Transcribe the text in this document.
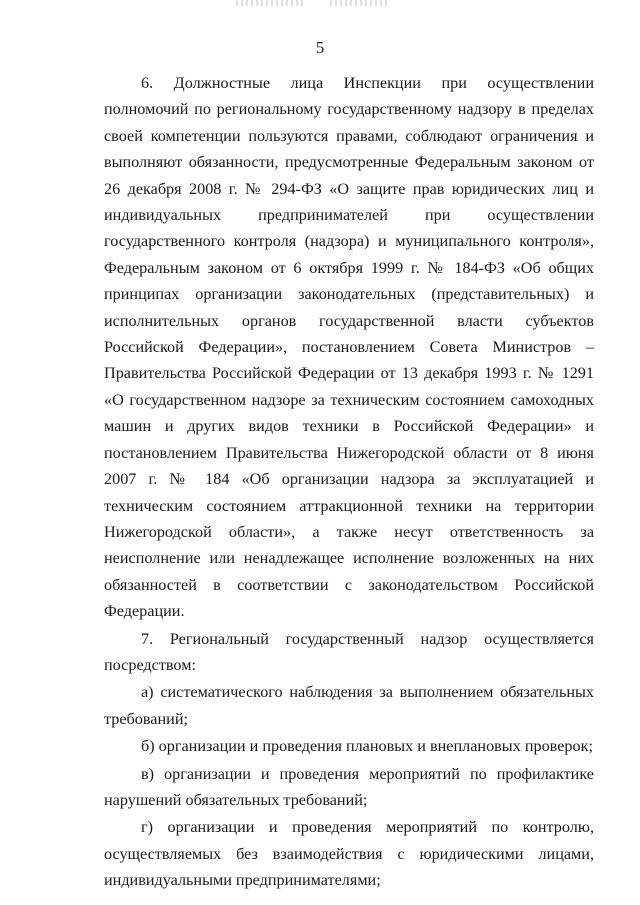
5

6. Должностные лица Инспекции при осуществлении полномочий по региональному государственному надзору в пределах своей компетенции пользуются правами, соблюдают ограничения и выполняют обязанности, предусмотренные Федеральным законом от 26 декабря 2008 г. № 294-ФЗ «О защите прав юридических лиц и индивидуальных предпринимателей при осуществлении государственного контроля (надзора) и муниципального контроля», Федеральным законом от 6 октября 1999 г. № 184-ФЗ «Об общих принципах организации законодательных (представительных) и исполнительных органов государственной власти субъектов Российской Федерации», постановлением Совета Министров – Правительства Российской Федерации от 13 декабря 1993 г. № 1291 «О государственном надзоре за техническим состоянием самоходных машин и других видов техники в Российской Федерации» и постановлением Правительства Нижегородской области от 8 июня 2007 г. № 184 «Об организации надзора за эксплуатацией и техническим состоянием аттракционной техники на территории Нижегородской области», а также несут ответственность за неисполнение или ненадлежащее исполнение возложенных на них обязанностей в соответствии с законодательством Российской Федерации.

7. Региональный государственный надзор осуществляется посредством:

а) систематического наблюдения за выполнением обязательных требований;

б) организации и проведения плановых и внеплановых проверок;

в) организации и проведения мероприятий по профилактике нарушений обязательных требований;

г) организации и проведения мероприятий по контролю, осуществляемых без взаимодействия с юридическими лицами, индивидуальными предпринимателями;
